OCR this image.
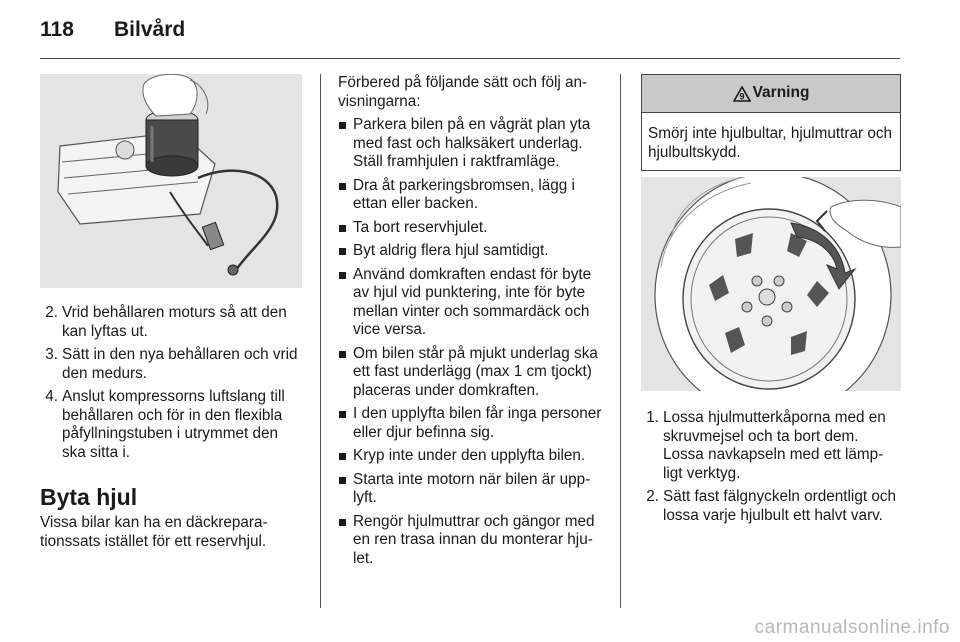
118 Bilvård
2. Vrid behållaren moturs så att den kan lyftas ut.
3. Sätt in den nya behållaren och vrid den medurs.
4. Anslut kompressorns luftslang till behållaren och för in den flexibla påfyllningstuben i utrymmet den ska sitta i.
Byta hjul

Vissa bilar kan ha en däckrepara-tionssats istället för ett reservhjul.

Förbered på följande sätt och följ an-visningarna:

Parkera bilen på en vågrät plan yta med fast och halksäkert underlag. Ställ framhjulen i raktframläge.
Dra åt parkeringsbromsen, lägg i ettan eller backen.
Ta bort reservhjulet.
Byt aldrig flera hjul samtidigt.
Använd domkraften endast för byte av hjul vid punktering, inte för byte mellan vinter och sommardäck och vice versa.
Om bilen står på mjukt underlag ska ett fast underlägg (max 1 cm tjockt) placeras under domkraften.
I den upplyfta bilen får inga personer eller djur befinna sig.
Kryp inte under den upplyfta bilen.
Starta inte motorn när bilen är upp-lyft.
Rengör hjulmuttrar och gängor med en ren trasa innan du monterar hju-let.
9 Varning
Smörj inte hjulbultar, hjulmuttrar och hjulbultskydd.
1. Lossa hjulmutterkåporna med en skruvmejsel och ta bort dem. Lossa navkapseln med ett lämp-ligt verktyg.
2. Sätt fast fälgnyckeln ordentligt och lossa varje hjulbult ett halvt varv.
carmanualsonline.info
